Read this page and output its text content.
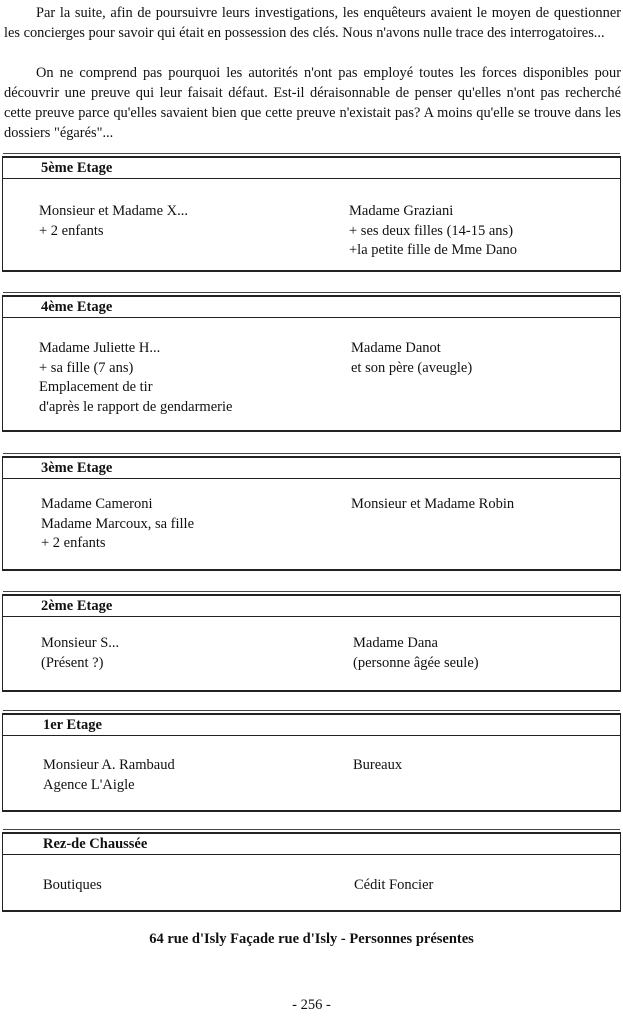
Par la suite, afin de poursuivre leurs investigations, les enquêteurs avaient le moyen de questionner les concierges pour savoir qui était en possession des clés. Nous n'avons nulle trace des interrogatoires...

On ne comprend pas pourquoi les autorités n'ont pas employé toutes les forces disponibles pour découvrir une preuve qui leur faisait défaut. Est-il déraisonnable de penser qu'elles n'ont pas recherché cette preuve parce qu'elles savaient bien que cette preuve n'existait pas? A moins qu'elle se trouve dans les dossiers "égarés"...

5ème Etage
Monsieur et Madame X...
+ 2 enfants
Madame Graziani
+ ses deux filles (14-15 ans)
+la petite fille de Mme Dano
4ème Etage
Madame Juliette H...
+ sa fille (7 ans)
Emplacement de tir
d'après le rapport de gendarmerie
Madame Danot
et son père (aveugle)
3ème Etage
Madame Cameroni
Madame Marcoux, sa fille
+ 2 enfants
Monsieur et Madame Robin
2ème Etage
Monsieur S...
(Présent ?)
Madame Dana
(personne âgée seule)
1er Etage
Monsieur A. Rambaud
Agence L'Aigle
Bureaux
Rez-de Chaussée
Boutiques	Cédit Foncier
64 rue d'Isly Façade rue d'Isly - Personnes présentes
- 256 -
